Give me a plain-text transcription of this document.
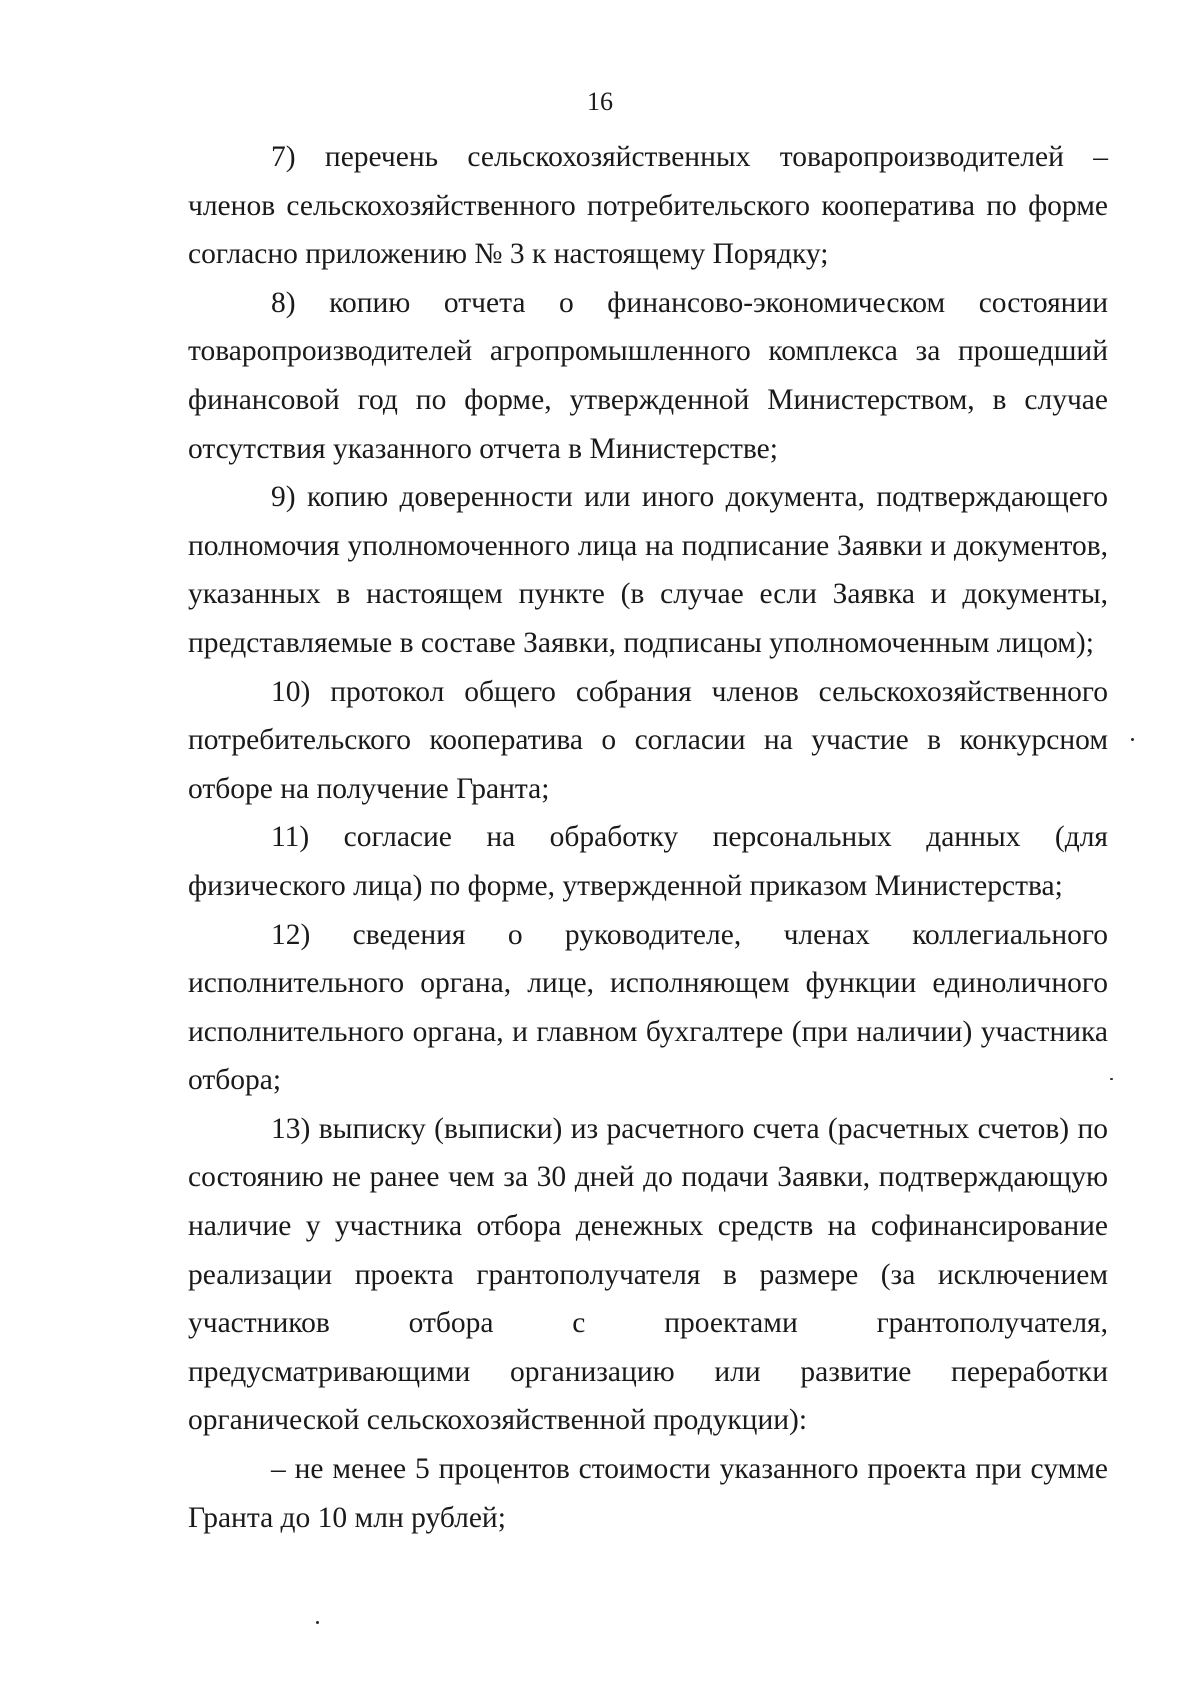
16

7) перечень сельскохозяйственных товаропроизводителей – членов сельскохозяйственного потребительского кооператива по форме согласно приложению № 3 к настоящему Порядку;

8) копию отчета о финансово-экономическом состоянии товаропроизводителей агропромышленного комплекса за прошедший финансовой год по форме, утвержденной Министерством, в случае отсутствия указанного отчета в Министерстве;

9) копию доверенности или иного документа, подтверждающего полномочия уполномоченного лица на подписание Заявки и документов, указанных в настоящем пункте (в случае если Заявка и документы, представляемые в составе Заявки, подписаны уполномоченным лицом);

10) протокол общего собрания членов сельскохозяйственного потребительского кооператива о согласии на участие в конкурсном отборе на получение Гранта;

11) согласие на обработку персональных данных (для физического лица) по форме, утвержденной приказом Министерства;

12) сведения о руководителе, членах коллегиального исполнительного органа, лице, исполняющем функции единоличного исполнительного органа, и главном бухгалтере (при наличии) участника отбора;

13) выписку (выписки) из расчетного счета (расчетных счетов) по состоянию не ранее чем за 30 дней до подачи Заявки, подтверждающую наличие у участника отбора денежных средств на софинансирование реализации проекта грантополучателя в размере (за исключением участников отбора с проектами грантополучателя, предусматривающими организацию или развитие переработки органической сельскохозяйственной продукции):

– не менее 5 процентов стоимости указанного проекта при сумме Гранта до 10 млн рублей;
